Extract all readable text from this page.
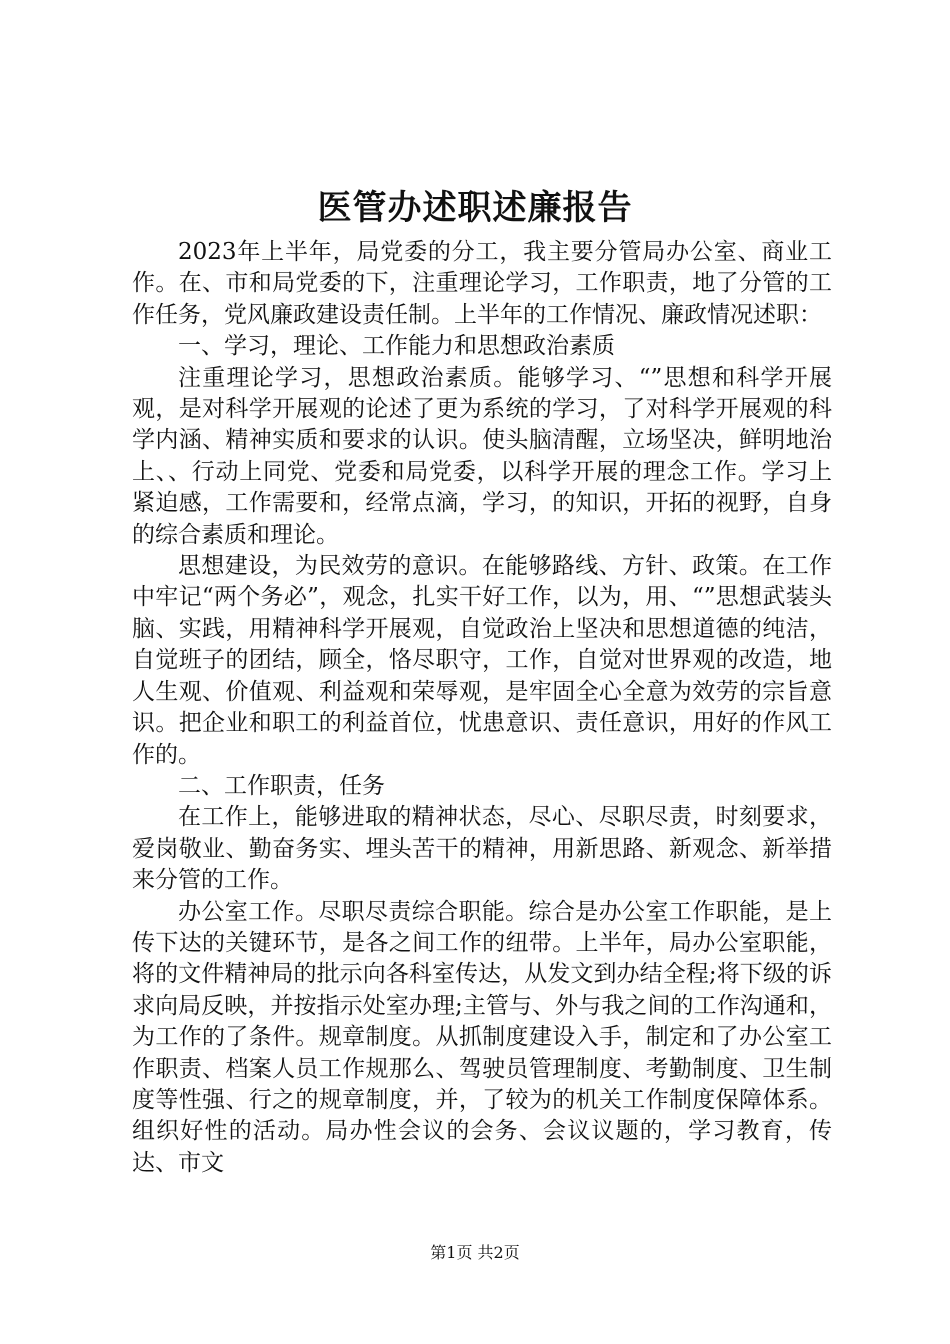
医管办述职述廉报告

2023年上半年，局党委的分工，我主要分管局办公室、商业工作。在、市和局党委的下，注重理论学习，工作职责，地了分管的工作任务，党风廉政建设责任制。上半年的工作情况、廉政情况述职：

一、学习，理论、工作能力和思想政治素质

注重理论学习，思想政治素质。能够学习、“”思想和科学开展观，是对科学开展观的论述了更为系统的学习，了对科学开展观的科学内涵、精神实质和要求的认识。使头脑清醒，立场坚决，鲜明地治上、、行动上同党、党委和局党委，以科学开展的理念工作。学习上紧迫感，工作需要和，经常点滴，学习，的知识，开拓的视野，自身的综合素质和理论。

思想建设，为民效劳的意识。在能够路线、方针、政策。在工作中牢记“两个务必”，观念，扎实干好工作，以为，用、“”思想武装头脑、实践，用精神科学开展观，自觉政治上坚决和思想道德的纯洁，自觉班子的团结，顾全，恪尽职守，工作，自觉对世界观的改造，地人生观、价值观、利益观和荣辱观，是牢固全心全意为效劳的宗旨意识。把企业和职工的利益首位，忧患意识、责任意识，用好的作风工作的。

二、工作职责，任务

在工作上，能够进取的精神状态，尽心、尽职尽责，时刻要求，爱岗敬业、勤奋务实、埋头苦干的精神，用新思路、新观念、新举措来分管的工作。

办公室工作。尽职尽责综合职能。综合是办公室工作职能，是上传下达的关键环节，是各之间工作的纽带。上半年，局办公室职能，将的文件精神局的批示向各科室传达，从发文到办结全程;将下级的诉求向局反映，并按指示处室办理;主管与、外与我之间的工作沟通和，为工作的了条件。规章制度。从抓制度建设入手，制定和了办公室工作职责、档案人员工作规那么、驾驶员管理制度、考勤制度、卫生制度等性强、行之的规章制度，并，了较为的机关工作制度保障体系。组织好性的活动。局办性会议的会务、会议议题的，学习教育，传达、市文

第1页 共2页
